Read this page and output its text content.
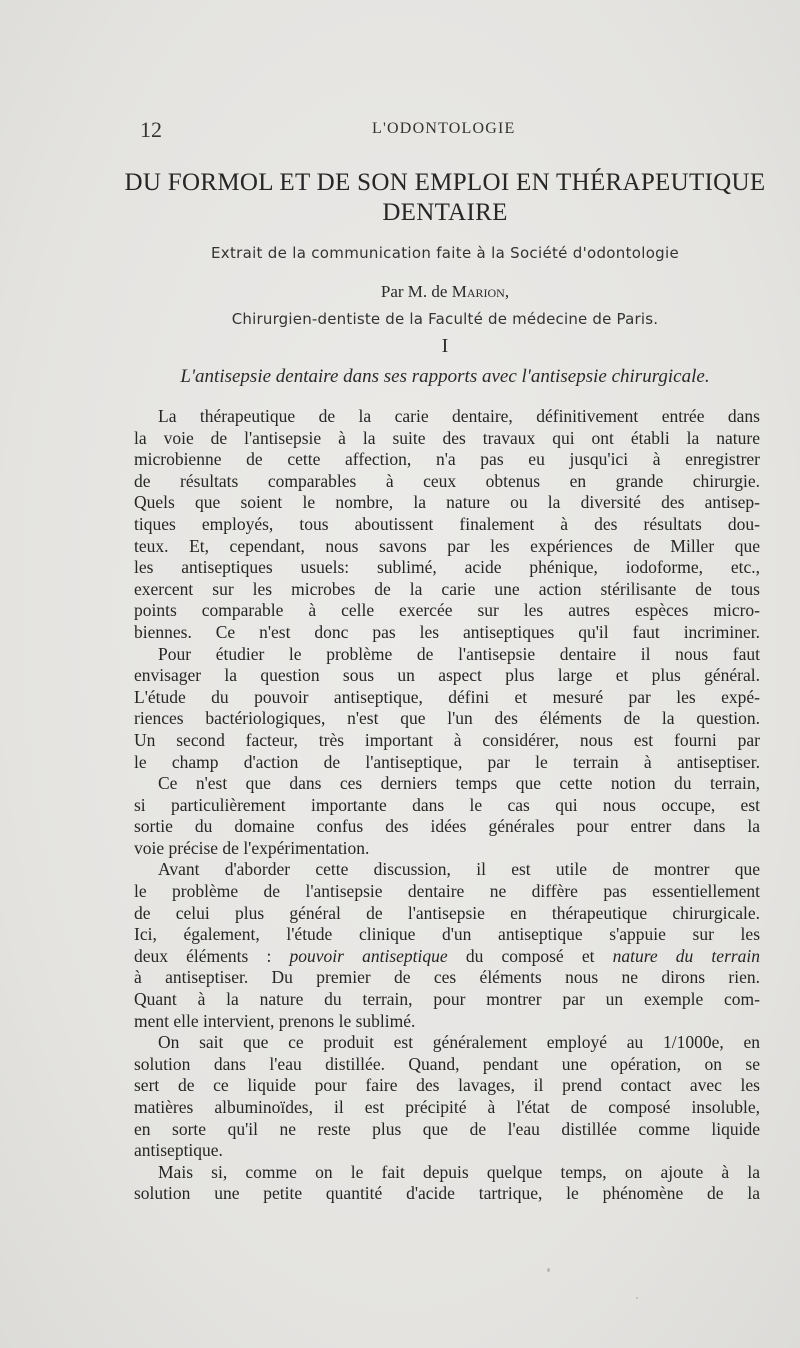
12	L'ODONTOLOGIE
DU FORMOL ET DE SON EMPLOI EN THÉRAPEUTIQUE
DENTAIRE
Extrait de la communication faite à la Société d'odontologie
Par M. de Marion,
Chirurgien-dentiste de la Faculté de médecine de Paris.
I
L'antisepsie dentaire dans ses rapports avec l'antisepsie chirurgicale.
La thérapeutique de la carie dentaire, définitivement entrée dans
la voie de l'antisepsie à la suite des travaux qui ont établi la nature
microbienne de cette affection, n'a pas eu jusqu'ici à enregistrer
de résultats comparables à ceux obtenus en grande chirurgie.
Quels que soient le nombre, la nature ou la diversité des antisep-
tiques employés, tous aboutissent finalement à des résultats dou-
teux. Et, cependant, nous savons par les expériences de Miller que
les antiseptiques usuels: sublimé, acide phénique, iodoforme, etc.,
exercent sur les microbes de la carie une action stérilisante de tous
points comparable à celle exercée sur les autres espèces micro-
biennes. Ce n'est donc pas les antiseptiques qu'il faut incriminer.
Pour étudier le problème de l'antisepsie dentaire il nous faut
envisager la question sous un aspect plus large et plus général.
L'étude du pouvoir antiseptique, défini et mesuré par les expé-
riences bactériologiques, n'est que l'un des éléments de la question.
Un second facteur, très important à considérer, nous est fourni par
le champ d'action de l'antiseptique, par le terrain à antiseptiser.
Ce n'est que dans ces derniers temps que cette notion du terrain,
si particulièrement importante dans le cas qui nous occupe, est
sortie du domaine confus des idées générales pour entrer dans la
voie précise de l'expérimentation.
Avant d'aborder cette discussion, il est utile de montrer que
le problème de l'antisepsie dentaire ne diffère pas essentiellement
de celui plus général de l'antisepsie en thérapeutique chirurgicale.
Ici, également, l'étude clinique d'un antiseptique s'appuie sur les
deux éléments : pouvoir antiseptique du composé et nature du terrain
à antiseptiser. Du premier de ces éléments nous ne dirons rien.
Quant à la nature du terrain, pour montrer par un exemple com-
ment elle intervient, prenons le sublimé.
On sait que ce produit est généralement employé au 1/1000e, en
solution dans l'eau distillée. Quand, pendant une opération, on se
sert de ce liquide pour faire des lavages, il prend contact avec les
matières albuminoïdes, il est précipité à l'état de composé insoluble,
en sorte qu'il ne reste plus que de l'eau distillée comme liquide
antiseptique.
Mais si, comme on le fait depuis quelque temps, on ajoute à la
solution une petite quantité d'acide tartrique, le phénomène de la
